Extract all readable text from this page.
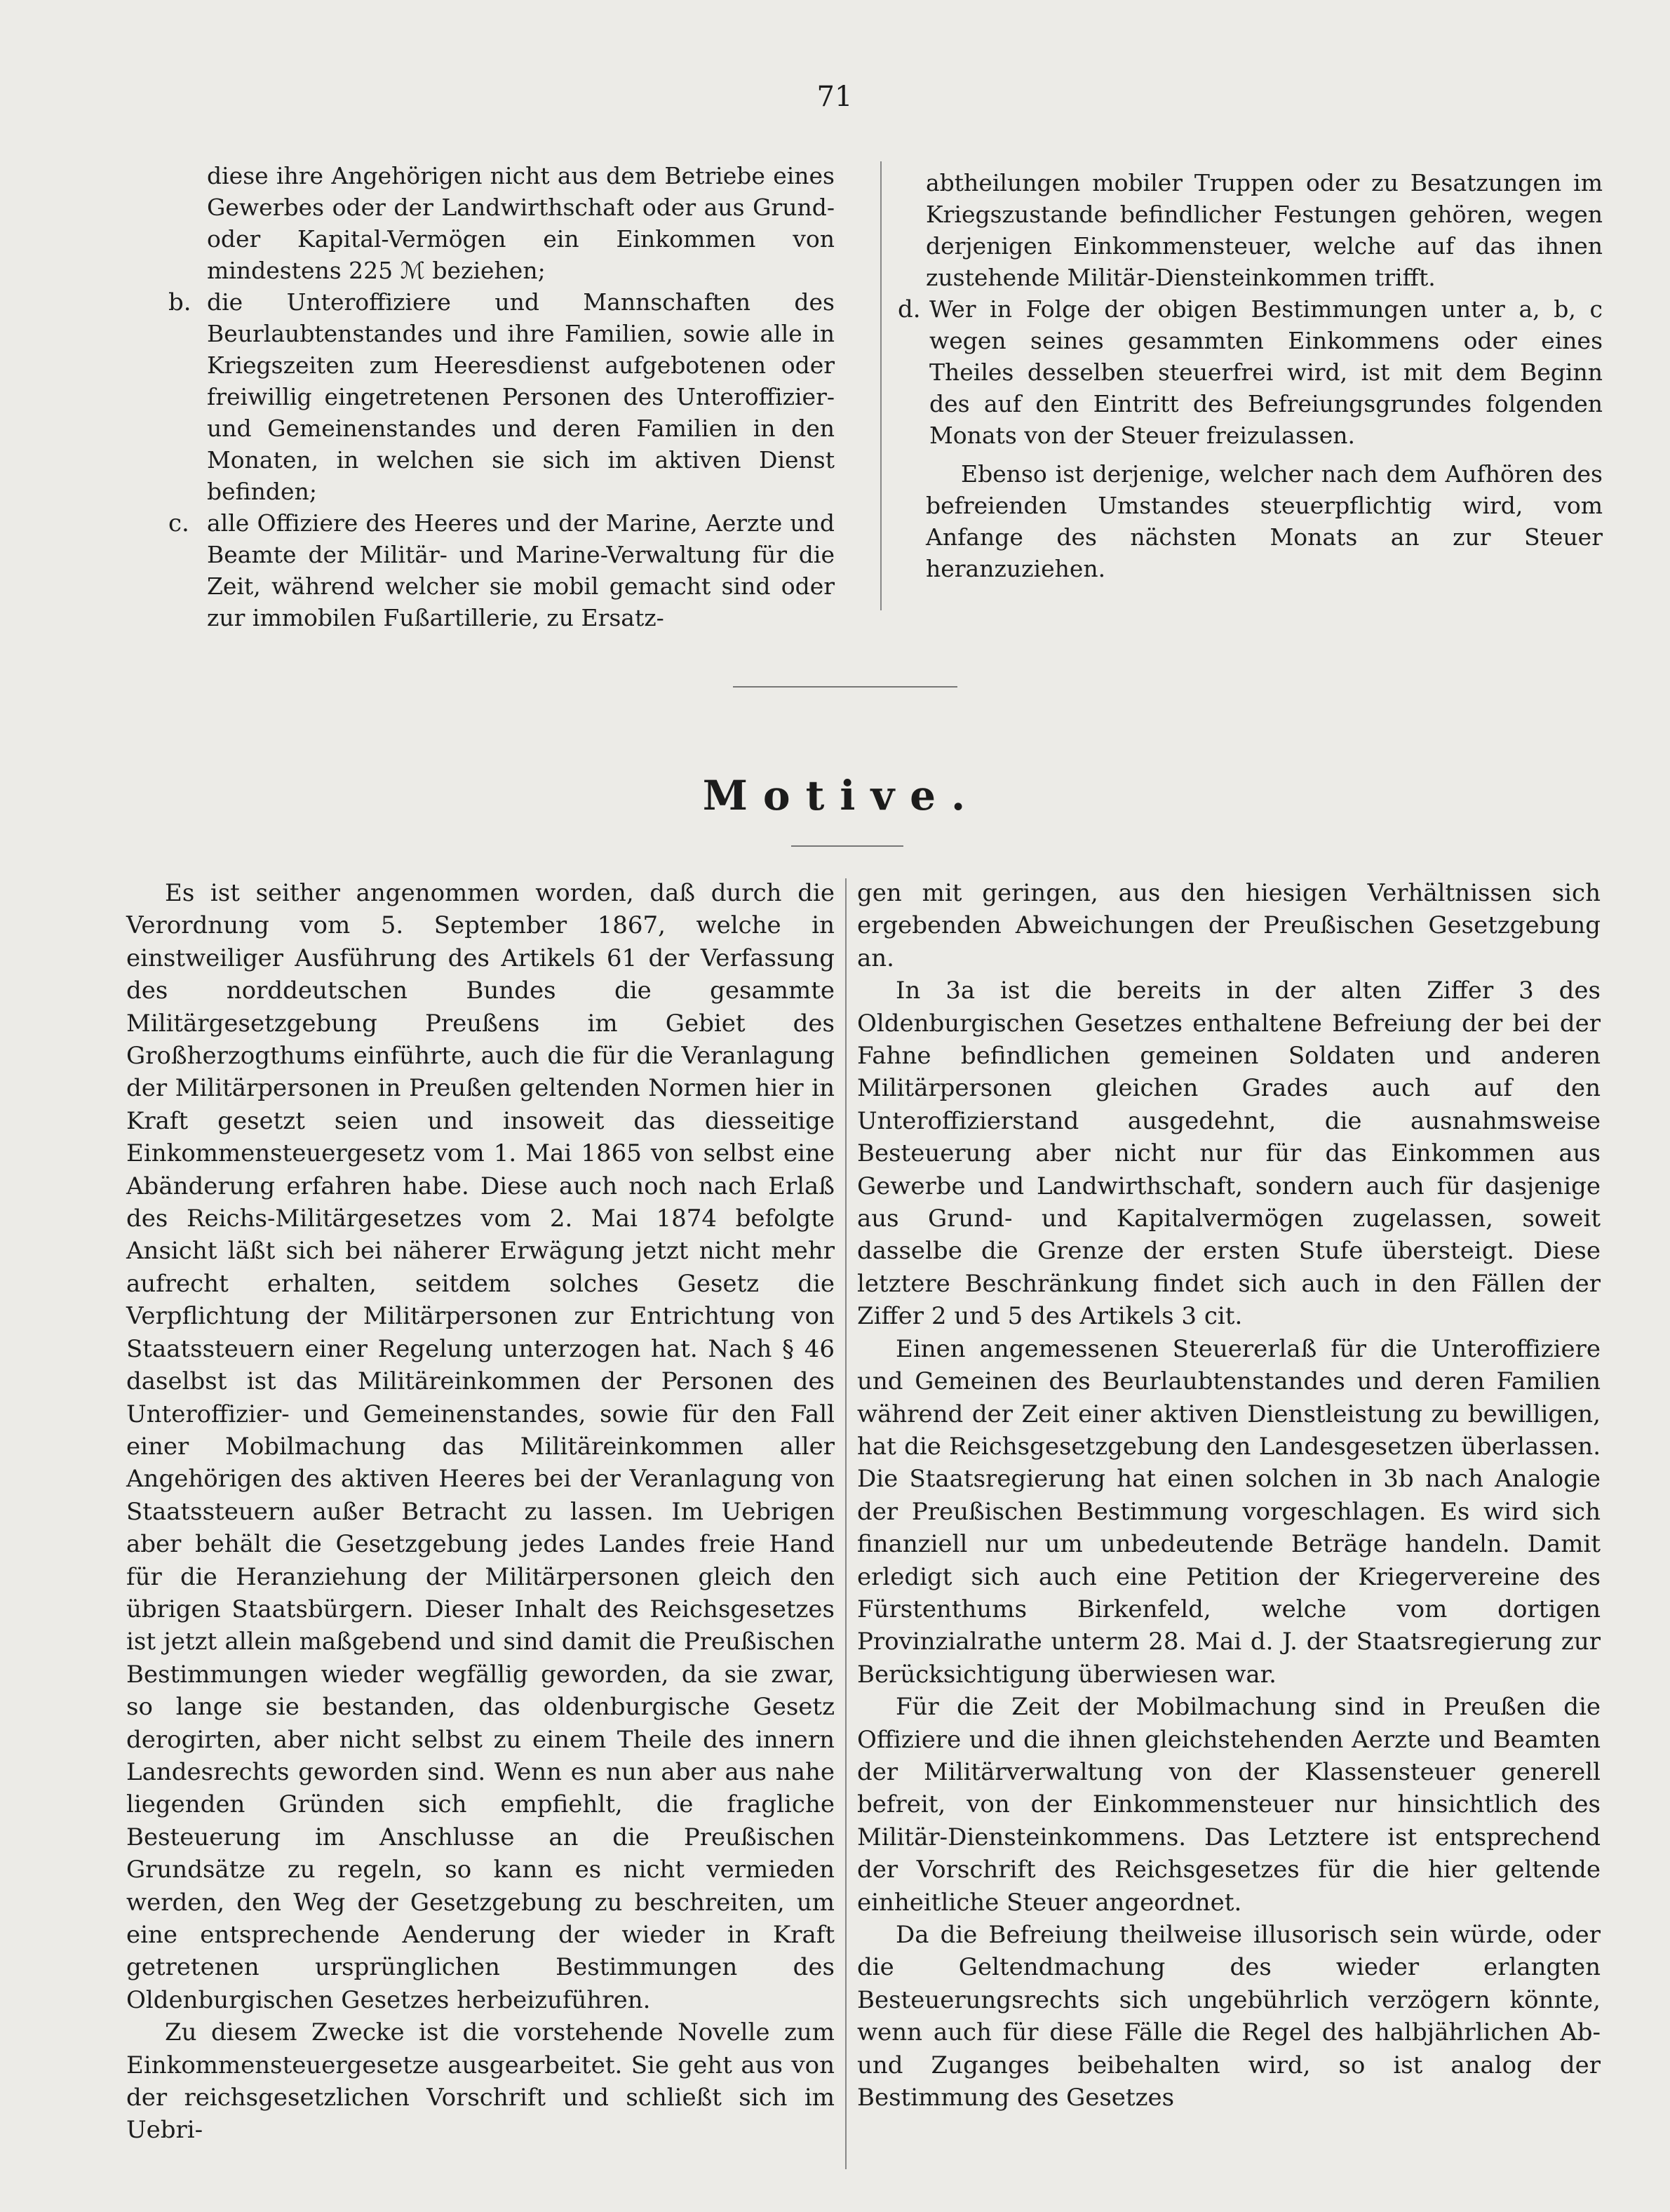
71

diese ihre Angehörigen nicht aus dem Betriebe eines Gewerbes oder der Landwirthschaft oder aus Grund- oder Kapital-Vermögen ein Einkommen von mindestens 225 ℳ beziehen;

b. die Unteroffiziere und Mannschaften des Beurlaubtenstandes und ihre Familien, sowie alle in Kriegszeiten zum Heeresdienst aufgebotenen oder freiwillig eingetretenen Personen des Unteroffizier- und Gemeinenstandes und deren Familien in den Monaten, in welchen sie sich im aktiven Dienst befinden;
c. alle Offiziere des Heeres und der Marine, Aerzte und Beamte der Militär- und Marine-Verwaltung für die Zeit, während welcher sie mobil gemacht sind oder zur immobilen Fußartillerie, zu Ersatz-

abtheilungen mobiler Truppen oder zu Besatzungen im Kriegszustande befindlicher Festungen gehören, wegen derjenigen Einkommensteuer, welche auf das ihnen zustehende Militär-Diensteinkommen trifft.

d. Wer in Folge der obigen Bestimmungen unter a, b, c wegen seines gesammten Einkommens oder eines Theiles desselben steuerfrei wird, ist mit dem Beginn des auf den Eintritt des Befreiungsgrundes folgenden Monats von der Steuer freizulassen.

Ebenso ist derjenige, welcher nach dem Aufhören des befreienden Umstandes steuerpflichtig wird, vom Anfange des nächsten Monats an zur Steuer heranzuziehen.

Motive.

Es ist seither angenommen worden, daß durch die Verordnung vom 5. September 1867, welche in einstweiliger Ausführung des Artikels 61 der Verfassung des norddeutschen Bundes die gesammte Militärgesetzgebung Preußens im Gebiet des Großherzogthums einführte, auch die für die Veranlagung der Militärpersonen in Preußen geltenden Normen hier in Kraft gesetzt seien und insoweit das diesseitige Einkommensteuergesetz vom 1. Mai 1865 von selbst eine Abänderung erfahren habe. Diese auch noch nach Erlaß des Reichs-Militärgesetzes vom 2. Mai 1874 befolgte Ansicht läßt sich bei näherer Erwägung jetzt nicht mehr aufrecht erhalten, seitdem solches Gesetz die Verpflichtung der Militärpersonen zur Entrichtung von Staatssteuern einer Regelung unterzogen hat. Nach § 46 daselbst ist das Militäreinkommen der Personen des Unteroffizier- und Gemeinenstandes, sowie für den Fall einer Mobilmachung das Militäreinkommen aller Angehörigen des aktiven Heeres bei der Veranlagung von Staatssteuern außer Betracht zu lassen. Im Uebrigen aber behält die Gesetzgebung jedes Landes freie Hand für die Heranziehung der Militärpersonen gleich den übrigen Staatsbürgern. Dieser Inhalt des Reichsgesetzes ist jetzt allein maßgebend und sind damit die Preußischen Bestimmungen wieder wegfällig geworden, da sie zwar, so lange sie bestanden, das oldenburgische Gesetz derogirten, aber nicht selbst zu einem Theile des innern Landesrechts geworden sind. Wenn es nun aber aus nahe liegenden Gründen sich empfiehlt, die fragliche Besteuerung im Anschlusse an die Preußischen Grundsätze zu regeln, so kann es nicht vermieden werden, den Weg der Gesetzgebung zu beschreiten, um eine entsprechende Aenderung der wieder in Kraft getretenen ursprünglichen Bestimmungen des Oldenburgischen Gesetzes herbeizuführen.

Zu diesem Zwecke ist die vorstehende Novelle zum Einkommensteuergesetze ausgearbeitet. Sie geht aus von der reichsgesetzlichen Vorschrift und schließt sich im Uebri-

gen mit geringen, aus den hiesigen Verhältnissen sich ergebenden Abweichungen der Preußischen Gesetzgebung an.

In 3a ist die bereits in der alten Ziffer 3 des Oldenburgischen Gesetzes enthaltene Befreiung der bei der Fahne befindlichen gemeinen Soldaten und anderen Militärpersonen gleichen Grades auch auf den Unteroffizierstand ausgedehnt, die ausnahmsweise Besteuerung aber nicht nur für das Einkommen aus Gewerbe und Landwirthschaft, sondern auch für dasjenige aus Grund- und Kapitalvermögen zugelassen, soweit dasselbe die Grenze der ersten Stufe übersteigt. Diese letztere Beschränkung findet sich auch in den Fällen der Ziffer 2 und 5 des Artikels 3 cit.

Einen angemessenen Steuererlaß für die Unteroffiziere und Gemeinen des Beurlaubtenstandes und deren Familien während der Zeit einer aktiven Dienstleistung zu bewilligen, hat die Reichsgesetzgebung den Landesgesetzen überlassen. Die Staatsregierung hat einen solchen in 3b nach Analogie der Preußischen Bestimmung vorgeschlagen. Es wird sich finanziell nur um unbedeutende Beträge handeln. Damit erledigt sich auch eine Petition der Kriegervereine des Fürstenthums Birkenfeld, welche vom dortigen Provinzialrathe unterm 28. Mai d. J. der Staatsregierung zur Berücksichtigung überwiesen war.

Für die Zeit der Mobilmachung sind in Preußen die Offiziere und die ihnen gleichstehenden Aerzte und Beamten der Militärverwaltung von der Klassensteuer generell befreit, von der Einkommensteuer nur hinsichtlich des Militär-Diensteinkommens. Das Letztere ist entsprechend der Vorschrift des Reichsgesetzes für die hier geltende einheitliche Steuer angeordnet.

Da die Befreiung theilweise illusorisch sein würde, oder die Geltendmachung des wieder erlangten Besteuerungsrechts sich ungebührlich verzögern könnte, wenn auch für diese Fälle die Regel des halbjährlichen Ab- und Zuganges beibehalten wird, so ist analog der Bestimmung des Gesetzes
